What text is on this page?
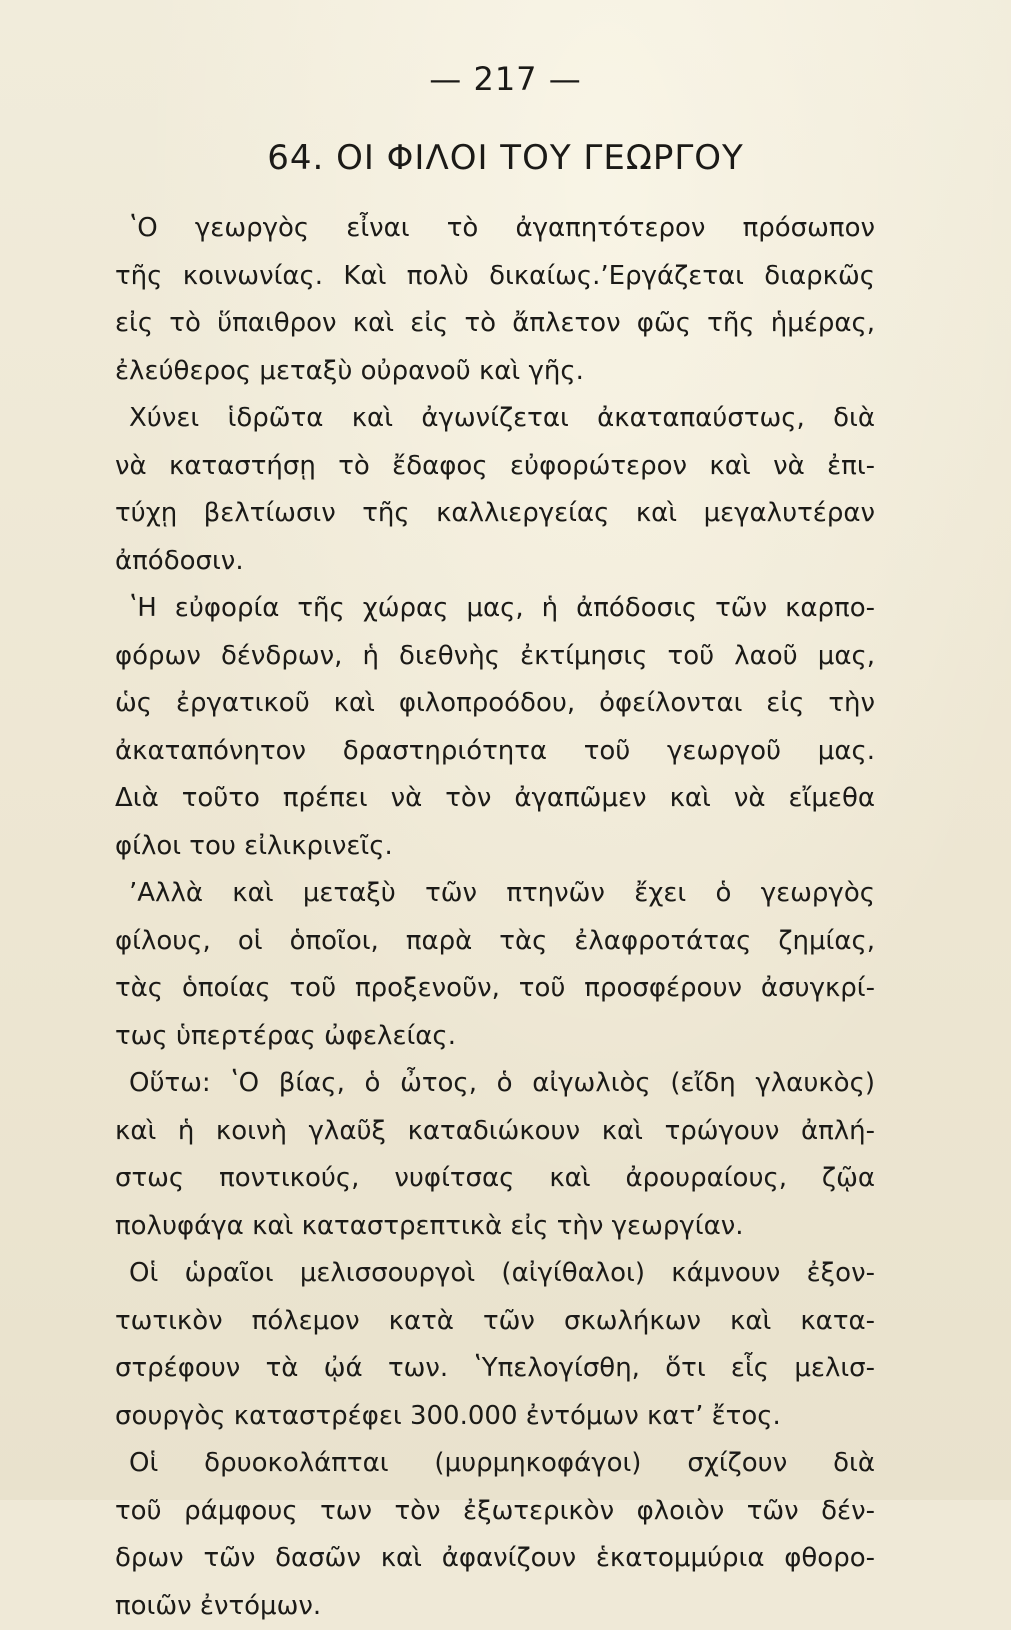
— 217 —
64. ΟΙ ΦΙΛΟΙ ΤΟΥ ΓΕΩΡΓΟΥ

ʽΟ γεωργὸς εἶναι τὸ ἀγαπητότερον πρόσωπον
τῆς κοινωνίας. Καὶ πολὺ δικαίως.ʼΕργάζεται διαρκῶς
εἰς τὸ ὕπαιθρον καὶ εἰς τὸ ἄπλετον φῶς τῆς ἡμέρας,
ἐλεύθερος μεταξὺ οὐρανοῦ καὶ γῆς.

Χύνει ἱδρῶτα καὶ ἀγωνίζεται ἀκαταπαύστως, διὰ
νὰ καταστήσῃ τὸ ἔδαφος εὐφορώτερον καὶ νὰ ἐπι-
τύχῃ βελτίωσιν τῆς καλλιεργείας καὶ μεγαλυτέραν
ἀπόδοσιν.

ʽΗ εὐφορία τῆς χώρας μας, ἡ ἀπόδοσις τῶν καρπο-
φόρων δένδρων, ἡ διεθνὴς ἐκτίμησις τοῦ λαοῦ μας,
ὡς ἐργατικοῦ καὶ φιλοπροόδου, ὀφείλονται εἰς τὴν
ἀκαταπόνητον δραστηριότητα τοῦ γεωργοῦ μας.
Διὰ τοῦτο πρέπει νὰ τὸν ἀγαπῶμεν καὶ νὰ εἴμεθα
φίλοι του εἰλικρινεῖς.

ʼΑλλὰ καὶ μεταξὺ τῶν πτηνῶν ἔχει ὁ γεωργὸς
φίλους, οἱ ὁποῖοι, παρὰ τὰς ἐλαφροτάτας ζημίας,
τὰς ὁποίας τοῦ προξενοῦν, τοῦ προσφέρουν ἀσυγκρί-
τως ὑπερτέρας ὠφελείας.

Οὕτω: ʽΟ βίας, ὁ ὦτος, ὁ αἰγωλιὸς (εἴδη γλαυκὸς)
καὶ ἡ κοινὴ γλαῦξ καταδιώκουν καὶ τρώγουν ἀπλή-
στως ποντικούς, νυφίτσας καὶ ἀρουραίους, ζῷα
πολυφάγα καὶ καταστρεπτικὰ εἰς τὴν γεωργίαν.

Οἱ ὡραῖοι μελισσουργοὶ (αἰγίθαλοι) κάμνουν ἐξον-
τωτικὸν πόλεμον κατὰ τῶν σκωλήκων καὶ κατα-
στρέφουν τὰ ᾠά των. ʽΥπελογίσθη, ὅτι εἷς μελισ-
σουργὸς καταστρέφει 300.000 ἐντόμων κατʼ ἔτος.

Οἱ δρυοκολάπται (μυρμηκοφάγοι) σχίζουν διὰ
τοῦ ράμφους των τὸν ἐξωτερικὸν φλοιὸν τῶν δέν-
δρων τῶν δασῶν καὶ ἀφανίζουν ἑκατομμύρια φθορο-
ποιῶν ἐντόμων.
